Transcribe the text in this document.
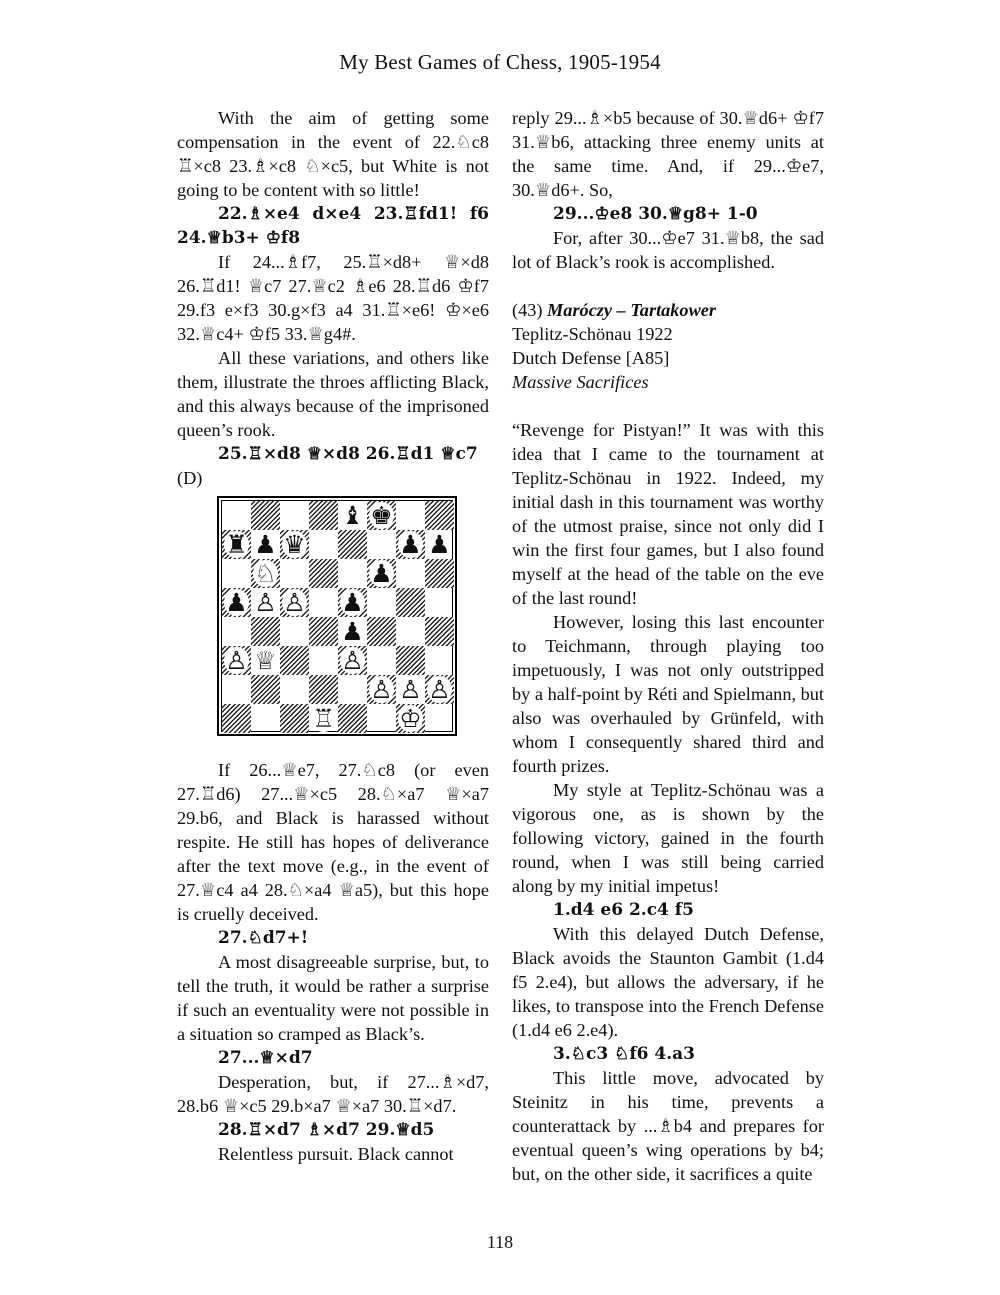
My Best Games of Chess, 1905-1954

With the aim of getting some compensation in the event of 22.♘c8 ♖×c8 23.♗×c8 ♘×c5, but White is not going to be content with so little!

22.♗×e4 d×e4 23.♖fd1! f6 24.♕b3+ ♔f8

If 24...♗f7, 25.♖×d8+ ♕×d8 26.♖d1! ♕c7 27.♕c2 ♗e6 28.♖d6 ♔f7 29.f3 e×f3 30.g×f3 a4 31.♖×e6! ♔×e6 32.♕c4+ ♔f5 33.♕g4#.

All these variations, and others like them, illustrate the throes afflicting Black, and this always because of the imprisoned queen’s rook.

25.♖×d8 ♕×d8 26.♖d1 ♕c7

(D)

♝ ♚
♜ ♟ ♛	♟ ♟
♘	♟
♟ ♙ ♙ ♟
♟
♙ ♕	♙
♙ ♙ ♙
♖	♔

If 26...♕e7, 27.♘c8 (or even 27.♖d6) 27...♕×c5 28.♘×a7 ♕×a7 29.b6, and Black is harassed without respite. He still has hopes of deliverance after the text move (e.g., in the event of 27.♕c4 a4 28.♘×a4 ♕a5), but this hope is cruelly deceived.

27.♘d7+!

A most disagreeable surprise, but, to tell the truth, it would be rather a surprise if such an eventuality were not possible in a situation so cramped as Black’s.

27...♕×d7

Desperation, but, if 27...♗×d7, 28.b6 ♕×c5 29.b×a7 ♕×a7 30.♖×d7.

28.♖×d7 ♗×d7 29.♕d5

Relentless pursuit. Black cannot

reply 29...♗×b5 because of 30.♕d6+ ♔f7 31.♕b6, attacking three enemy units at the same time. And, if 29...♔e7, 30.♕d6+. So,

29...♔e8 30.♕g8+ 1-0

For, after 30...♔e7 31.♕b8, the sad lot of Black’s rook is accomplished.

(43) Maróczy – Tartakower
Teplitz-Schönau 1922
Dutch Defense [A85]
Massive Sacrifices

“Revenge for Pistyan!” It was with this idea that I came to the tournament at Teplitz-Schönau in 1922. Indeed, my initial dash in this tournament was worthy of the utmost praise, since not only did I win the first four games, but I also found myself at the head of the table on the eve of the last round!

However, losing this last encounter to Teichmann, through playing too impetuously, I was not only outstripped by a half-point by Réti and Spielmann, but also was overhauled by Grünfeld, with whom I consequently shared third and fourth prizes.

My style at Teplitz-Schönau was a vigorous one, as is shown by the following victory, gained in the fourth round, when I was still being carried along by my initial impetus!

1.d4 e6 2.c4 f5

With this delayed Dutch Defense, Black avoids the Staunton Gambit (1.d4 f5 2.e4), but allows the adversary, if he likes, to transpose into the French Defense (1.d4 e6 2.e4).

3.♘c3 ♘f6 4.a3

This little move, advocated by Steinitz in his time, prevents a counterattack by ...♗b4 and prepares for eventual queen’s wing operations by b4; but, on the other side, it sacrifices a quite

118
